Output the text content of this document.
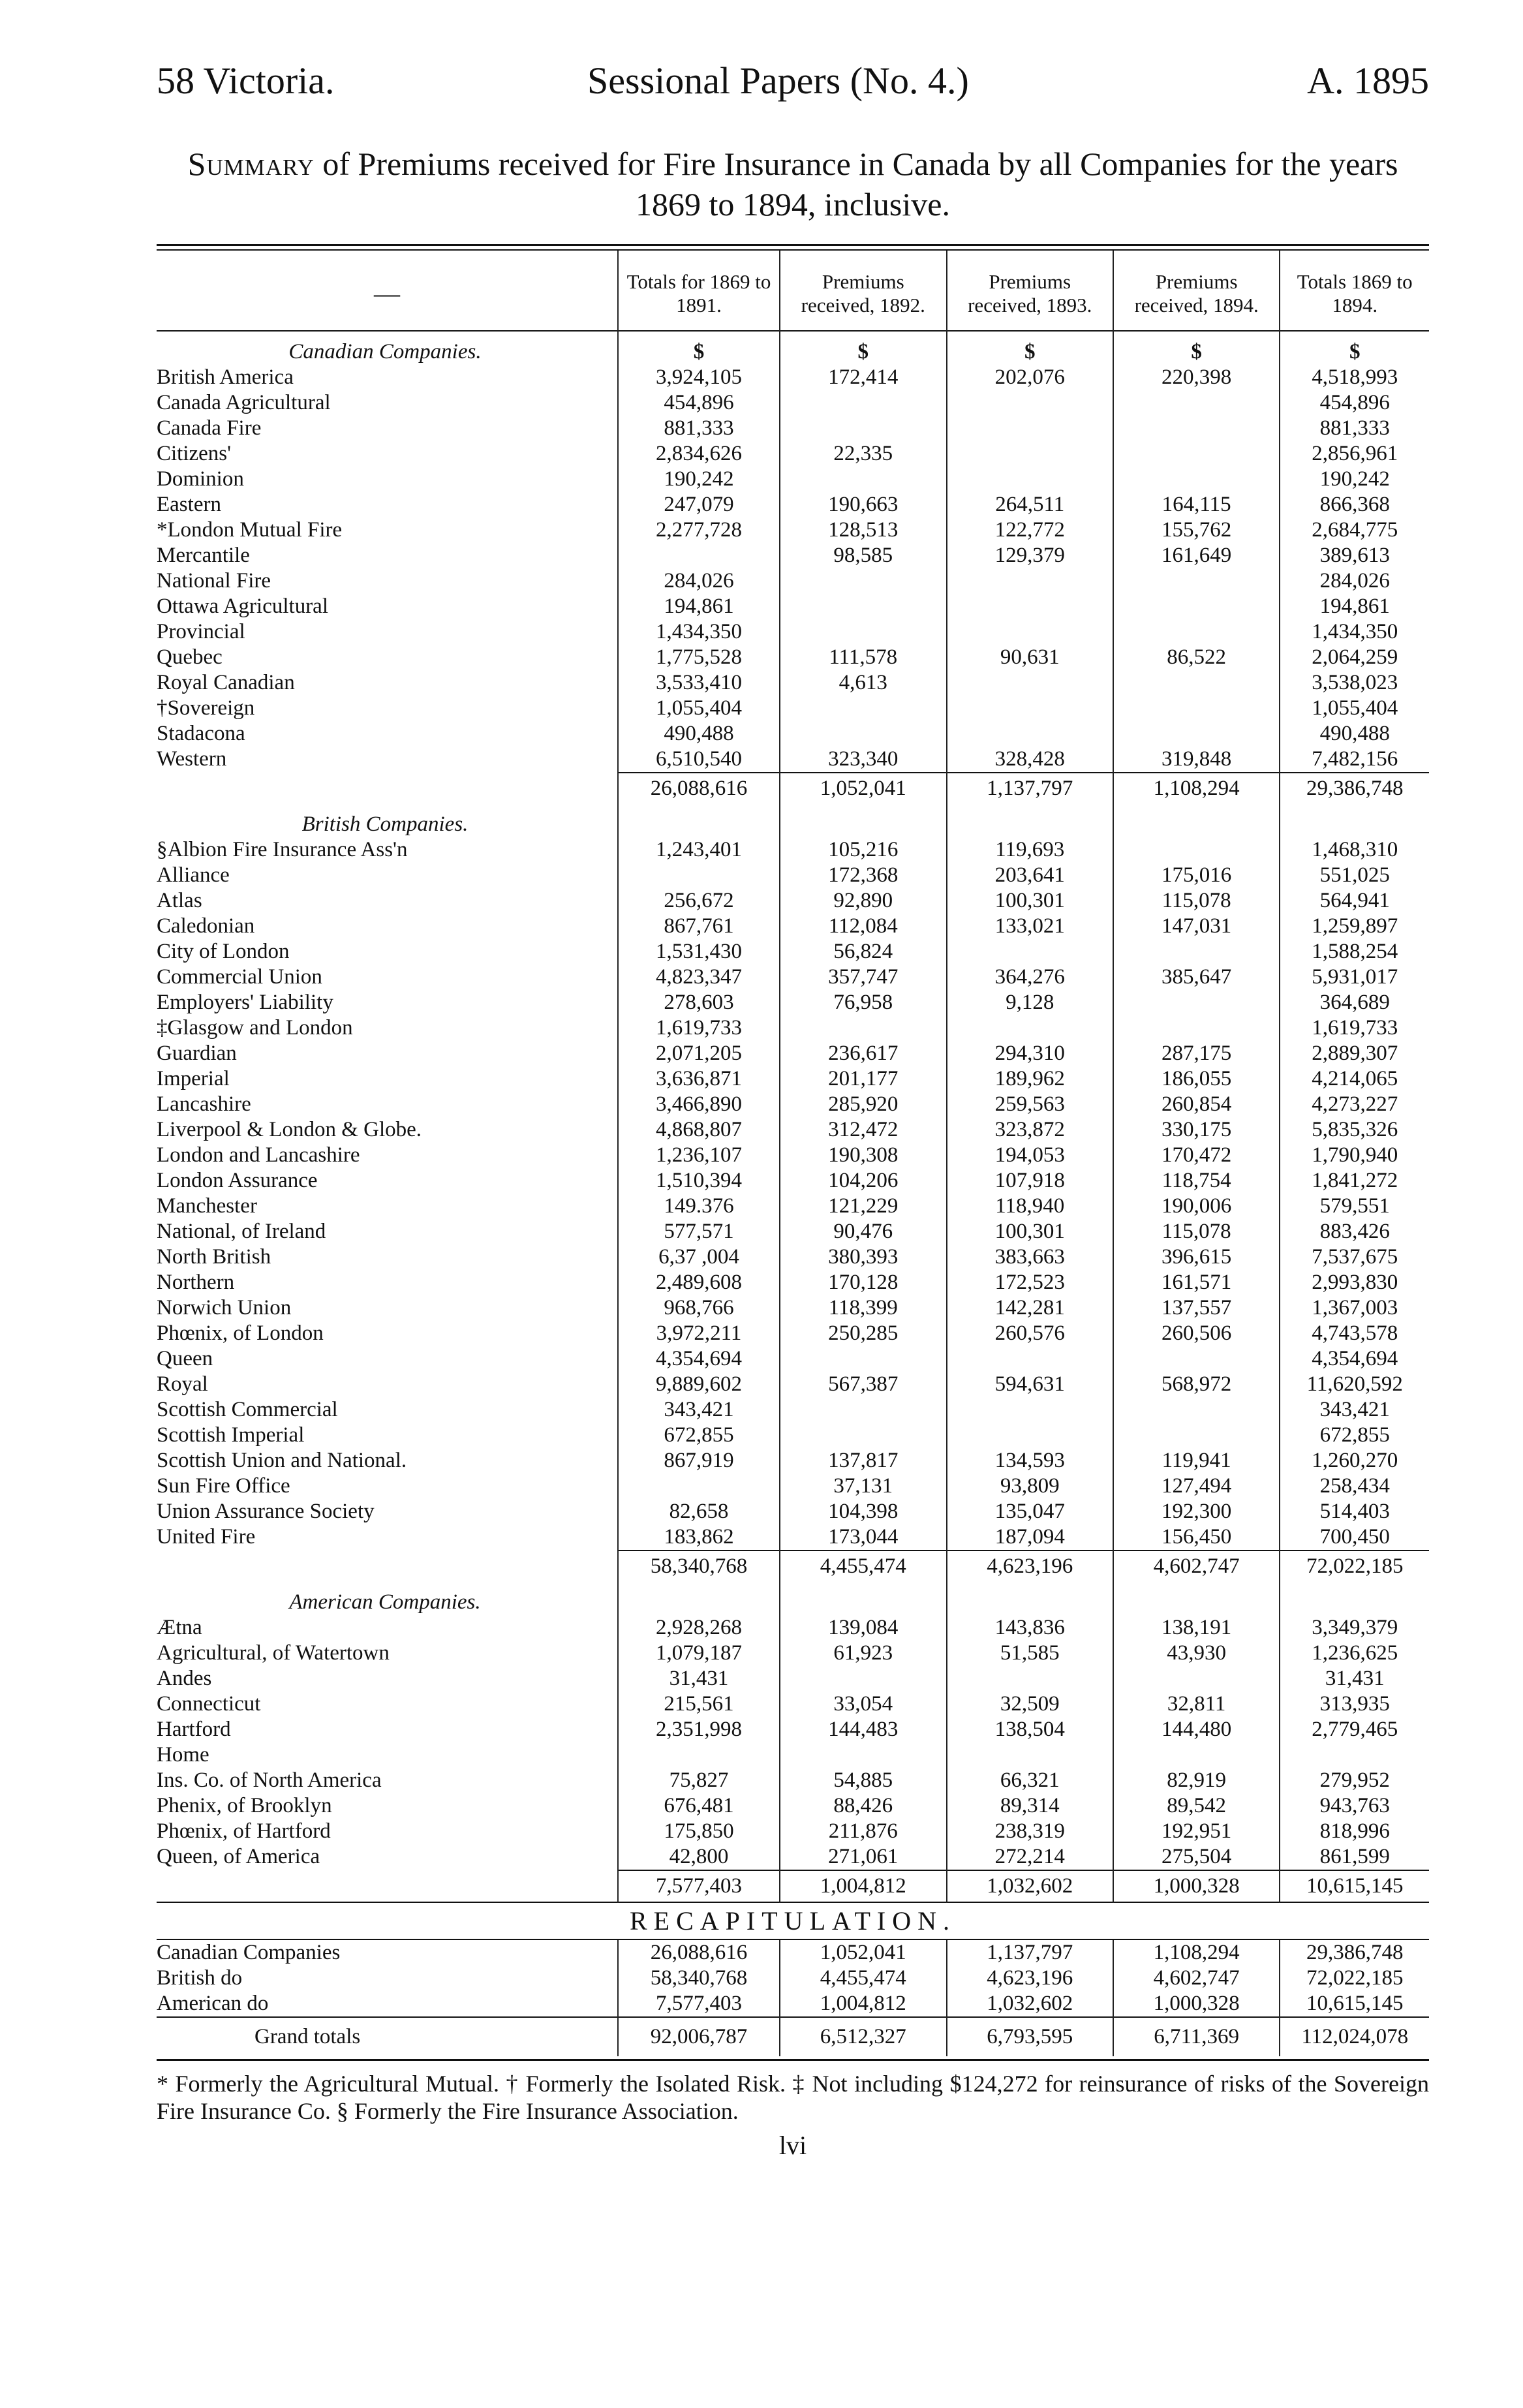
58 Victoria.	Sessional Papers (No. 4.)	A. 1895
Summary of Premiums received for Fire Insurance in Canada by all Companies for the years 1869 to 1894, inclusive.
—	Totals for 1869 to 1891.	Premiums received, 1892.	Premiums received, 1893.	Premiums received, 1894.	Totals 1869 to 1894.
Canadian Companies.	$	$	$	$	$
British America	3,924,105	172,414	202,076	220,398	4,518,993
Canada Agricultural	454,896				454,896
Canada Fire	881,333				881,333
Citizens'	2,834,626	22,335			2,856,961
Dominion	190,242				190,242
Eastern	247,079	190,663	264,511	164,115	866,368
*London Mutual Fire	2,277,728	128,513	122,772	155,762	2,684,775
Mercantile		98,585	129,379	161,649	389,613
National Fire	284,026				284,026
Ottawa Agricultural	194,861				194,861
Provincial	1,434,350				1,434,350
Quebec	1,775,528	111,578	90,631	86,522	2,064,259
Royal Canadian	3,533,410	4,613			3,538,023
†Sovereign	1,055,404				1,055,404
Stadacona	490,488				490,488
Western	6,510,540	323,340	328,428	319,848	7,482,156
	26,088,616	1,052,041	1,137,797	1,108,294	29,386,748
British Companies.					
§Albion Fire Insurance Ass'n	1,243,401	105,216	119,693		1,468,310
Alliance		172,368	203,641	175,016	551,025
Atlas	256,672	92,890	100,301	115,078	564,941
Caledonian	867,761	112,084	133,021	147,031	1,259,897
City of London	1,531,430	56,824			1,588,254
Commercial Union	4,823,347	357,747	364,276	385,647	5,931,017
Employers' Liability	278,603	76,958	9,128		364,689
‡Glasgow and London	1,619,733				1,619,733
Guardian	2,071,205	236,617	294,310	287,175	2,889,307
Imperial	3,636,871	201,177	189,962	186,055	4,214,065
Lancashire	3,466,890	285,920	259,563	260,854	4,273,227
Liverpool & London & Globe.	4,868,807	312,472	323,872	330,175	5,835,326
London and Lancashire	1,236,107	190,308	194,053	170,472	1,790,940
London Assurance	1,510,394	104,206	107,918	118,754	1,841,272
Manchester	149.376	121,229	118,940	190,006	579,551
National, of Ireland	577,571	90,476	100,301	115,078	883,426
North British	6,37 ,004	380,393	383,663	396,615	7,537,675
Northern	2,489,608	170,128	172,523	161,571	2,993,830
Norwich Union	968,766	118,399	142,281	137,557	1,367,003
Phœnix, of London	3,972,211	250,285	260,576	260,506	4,743,578
Queen	4,354,694				4,354,694
Royal	9,889,602	567,387	594,631	568,972	11,620,592
Scottish Commercial	343,421				343,421
Scottish Imperial	672,855				672,855
Scottish Union and National.	867,919	137,817	134,593	119,941	1,260,270
Sun Fire Office		37,131	93,809	127,494	258,434
Union Assurance Society	82,658	104,398	135,047	192,300	514,403
United Fire	183,862	173,044	187,094	156,450	700,450
	58,340,768	4,455,474	4,623,196	4,602,747	72,022,185
American Companies.					
Ætna	2,928,268	139,084	143,836	138,191	3,349,379
Agricultural, of Watertown	1,079,187	61,923	51,585	43,930	1,236,625
Andes	31,431				31,431
Connecticut	215,561	33,054	32,509	32,811	313,935
Hartford	2,351,998	144,483	138,504	144,480	2,779,465
Home					
Ins. Co. of North America	75,827	54,885	66,321	82,919	279,952
Phenix, of Brooklyn	676,481	88,426	89,314	89,542	943,763
Phœnix, of Hartford	175,850	211,876	238,319	192,951	818,996
Queen, of America	42,800	271,061	272,214	275,504	861,599
	7,577,403	1,004,812	1,032,602	1,000,328	10,615,145
RECAPITULATION.					
Canadian Companies	26,088,616	1,052,041	1,137,797	1,108,294	29,386,748
British do	58,340,768	4,455,474	4,623,196	4,602,747	72,022,185
American do	7,577,403	1,004,812	1,032,602	1,000,328	10,615,145
Grand totals	92,006,787	6,512,327	6,793,595	6,711,369	112,024,078
* Formerly the Agricultural Mutual. † Formerly the Isolated Risk. ‡ Not including $124,272 for reinsurance of risks of the Sovereign Fire Insurance Co. § Formerly the Fire Insurance Association.
lvi
